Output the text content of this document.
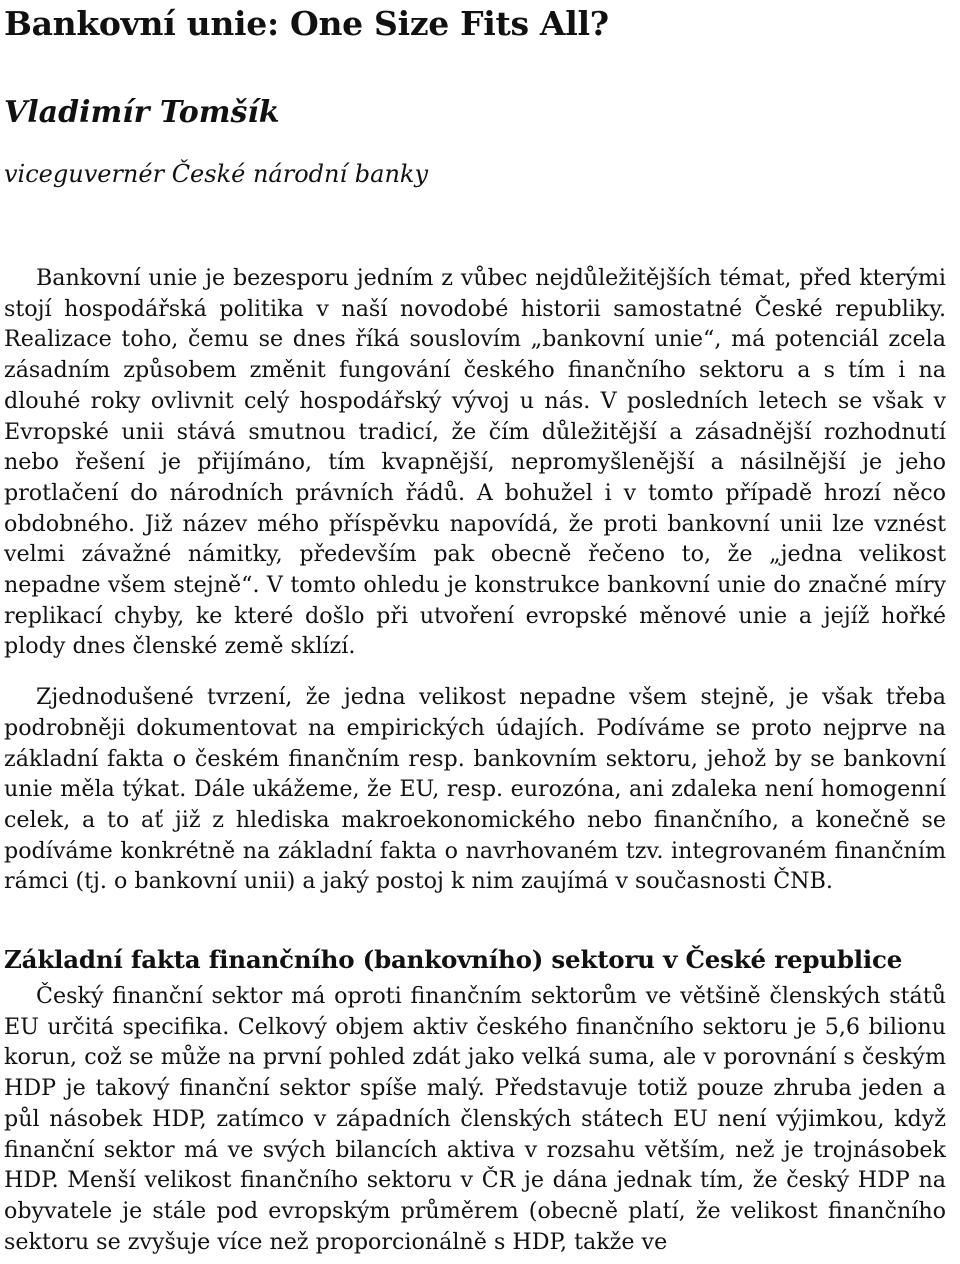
Bankovní unie: One Size Fits All?
Vladimír Tomšík
viceguvernér České národní banky

Bankovní unie je bezesporu jedním z vůbec nejdůležitějších témat, před kterými stojí hospodářská politika v naší novodobé historii samostatné České republiky. Realizace toho, čemu se dnes říká souslovím „bankovní unie“, má potenciál zcela zásadním způsobem změnit fungování českého finančního sektoru a s tím i na dlouhé roky ovlivnit celý hospodářský vývoj u nás. V posledních letech se však v Evropské unii stává smutnou tradicí, že čím důležitější a zásadnější rozhodnutí nebo řešení je přijímáno, tím kvapnější, nepromyšlenější a násilnější je jeho protlačení do národních právních řádů. A bohužel i v tomto případě hrozí něco obdobného. Již název mého příspěvku napovídá, že proti bankovní unii lze vznést velmi závažné námitky, především pak obecně řečeno to, že „jedna velikost nepadne všem stejně“. V tomto ohledu je konstrukce bankovní unie do značné míry replikací chyby, ke které došlo při utvoření evropské měnové unie a jejíž hořké plody dnes členské země sklízí.

Zjednodušené tvrzení, že jedna velikost nepadne všem stejně, je však třeba podrobněji dokumentovat na empirických údajích. Podíváme se proto nejprve na základní fakta o českém finančním resp. bankovním sektoru, jehož by se bankovní unie měla týkat. Dále ukážeme, že EU, resp. eurozóna, ani zdaleka není homogenní celek, a to ať již z hlediska makroekonomického nebo finančního, a konečně se podíváme konkrétně na základní fakta o navrhovaném tzv. integrovaném finančním rámci (tj. o bankovní unii) a jaký postoj k nim zaujímá v současnosti ČNB.

Základní fakta finančního (bankovního) sektoru v České republice

Český finanční sektor má oproti finančním sektorům ve většině členských států EU určitá specifika. Celkový objem aktiv českého finančního sektoru je 5,6 bilionu korun, což se může na první pohled zdát jako velká suma, ale v porovnání s českým HDP je takový finanční sektor spíše malý. Představuje totiž pouze zhruba jeden a půl násobek HDP, zatímco v západních členských státech EU není výjimkou, když finanční sektor má ve svých bilancích aktiva v rozsahu větším, než je trojnásobek HDP. Menší velikost finančního sektoru v ČR je dána jednak tím, že český HDP na obyvatele je stále pod evropským průměrem (obecně platí, že velikost finančního sektoru se zvyšuje více než proporcionálně s HDP, takže ve
